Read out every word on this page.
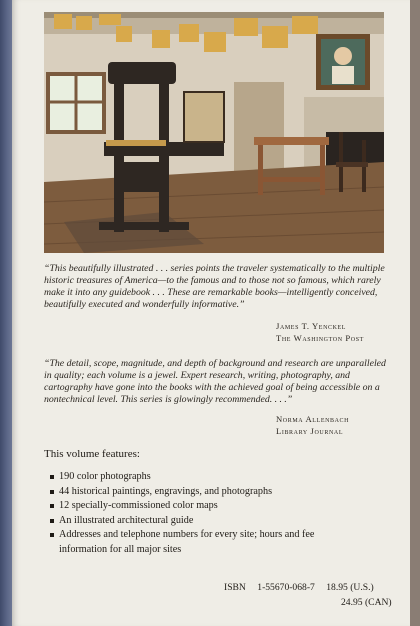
“This beautifully illustrated . . . series points the traveler systematically to the multiple historic treasures of America—to the famous and to those not so famous, which rarely make it into any guidebook . . . These are remarkable books—intelligently conceived, beautifully executed and wonderfully informative.”

James T. Yenckel
The Washington Post

“The detail, scope, magnitude, and depth of background and research are unparalleled in quality; each volume is a jewel. Expert research, writing, photography, and cartography have gone into the books with the achieved goal of being accessible on a nontechnical level. This series is glowingly recommended. . . .”

Norma Allenbach
Library Journal
This volume features:
190 color photographs
44 historical paintings, engravings, and photographs
12 specially-commissioned color maps
An illustrated architectural guide
Addresses and telephone numbers for every site; hours and fee information for all major sites
ISBN 1-55670-068-7 18.95 (U.S.)
24.95 (CAN)
